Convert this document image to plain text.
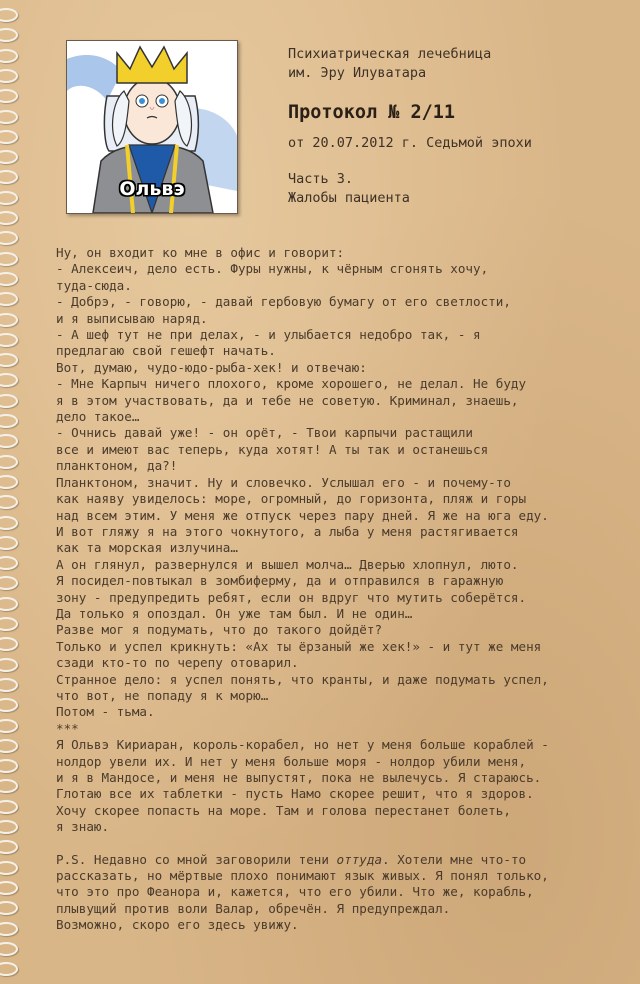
Ольвэ
Психиатрическая лечебница
им. Эру Илуватара
Протокол № 2/11
от 20.07.2012 г. Седьмой эпохи
Часть 3.
Жалобы пациента
Ну, он входит ко мне в офис и говорит:
- Алексеич, дело есть. Фуры нужны, к чёрным сгонять хочу,
туда-сюда.
- Добрэ, - говорю, - давай гербовую бумагу от его светлости,
и я выписываю наряд.
- А шеф тут не при делах, - и улыбается недобро так, - я
предлагаю свой гешефт начать.
Вот, думаю, чудо-юдо-рыба-хек! и отвечаю:
- Мне Карпыч ничего плохого, кроме хорошего, не делал. Не буду
я в этом участвовать, да и тебе не советую. Криминал, знаешь,
дело такое…
- Очнись давай уже! - он орёт, - Твои карпычи растащили
все и имеют вас теперь, куда хотят! А ты так и останешься
планктоном, да?!
Планктоном, значит. Ну и словечко. Услышал его - и почему-то
как наяву увиделось: море, огромный, до горизонта, пляж и горы
над всем этим. У меня же отпуск через пару дней. Я же на юга еду.
И вот гляжу я на этого чокнутого, а лыба у меня растягивается
как та морская излучина…
А он глянул, развернулся и вышел молча… Дверью хлопнул, люто.
Я посидел-повтыкал в зомбиферму, да и отправился в гаражную
зону - предупредить ребят, если он вдруг что мутить соберётся.
Да только я опоздал. Он уже там был. И не один…
Разве мог я подумать, что до такого дойдёт?
Только и успел крикнуть: «Ах ты ёрзаный же хек!» - и тут же меня
сзади кто-то по черепу отоварил.
Странное дело: я успел понять, что кранты, и даже подумать успел,
что вот, не попаду я к морю…
Потом - тьма.
***
Я Ольвэ Кириаран, король-корабел, но нет у меня больше кораблей -
нолдор увели их. И нет у меня больше моря - нолдор убили меня,
и я в Мандосе, и меня не выпустят, пока не вылечусь. Я стараюсь.
Глотаю все их таблетки - пусть Намо скорее решит, что я здоров.
Хочу скорее попасть на море. Там и голова перестанет болеть,
я знаю.
P.S. Недавно со мной заговорили тени оттуда. Хотели мне что-то
рассказать, но мёртвые плохо понимают язык живых. Я понял только,
что это про Феанора и, кажется, что его убили. Что же, корабль,
плывущий против воли Валар, обречён. Я предупреждал.
Возможно, скоро его здесь увижу.
